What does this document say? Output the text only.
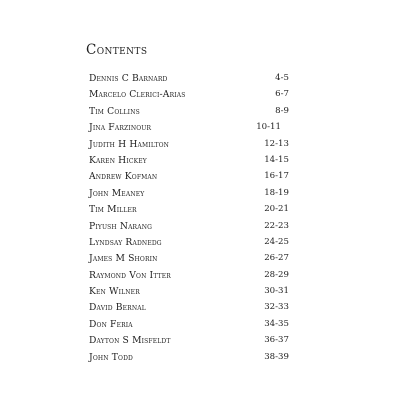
Contents
Dennis C Barnard	4-5
Marcelo Clerici-Arias	6-7
Tim Collins	8-9
Jina Farzinour	10-11
Judith H Hamilton	12-13
Karen Hickey	14-15
Andrew Kofman	16-17
John Meaney	18-19
Tim Miller	20-21
Piyush Narang	22-23
Lyndsay Radnedg	24-25
James M Shorin	26-27
Raymond Von Itter	28-29
Ken Wilner	30-31
David Bernal	32-33
Don Feria	34-35
Dayton S Misfeldt	36-37
John Todd	38-39
